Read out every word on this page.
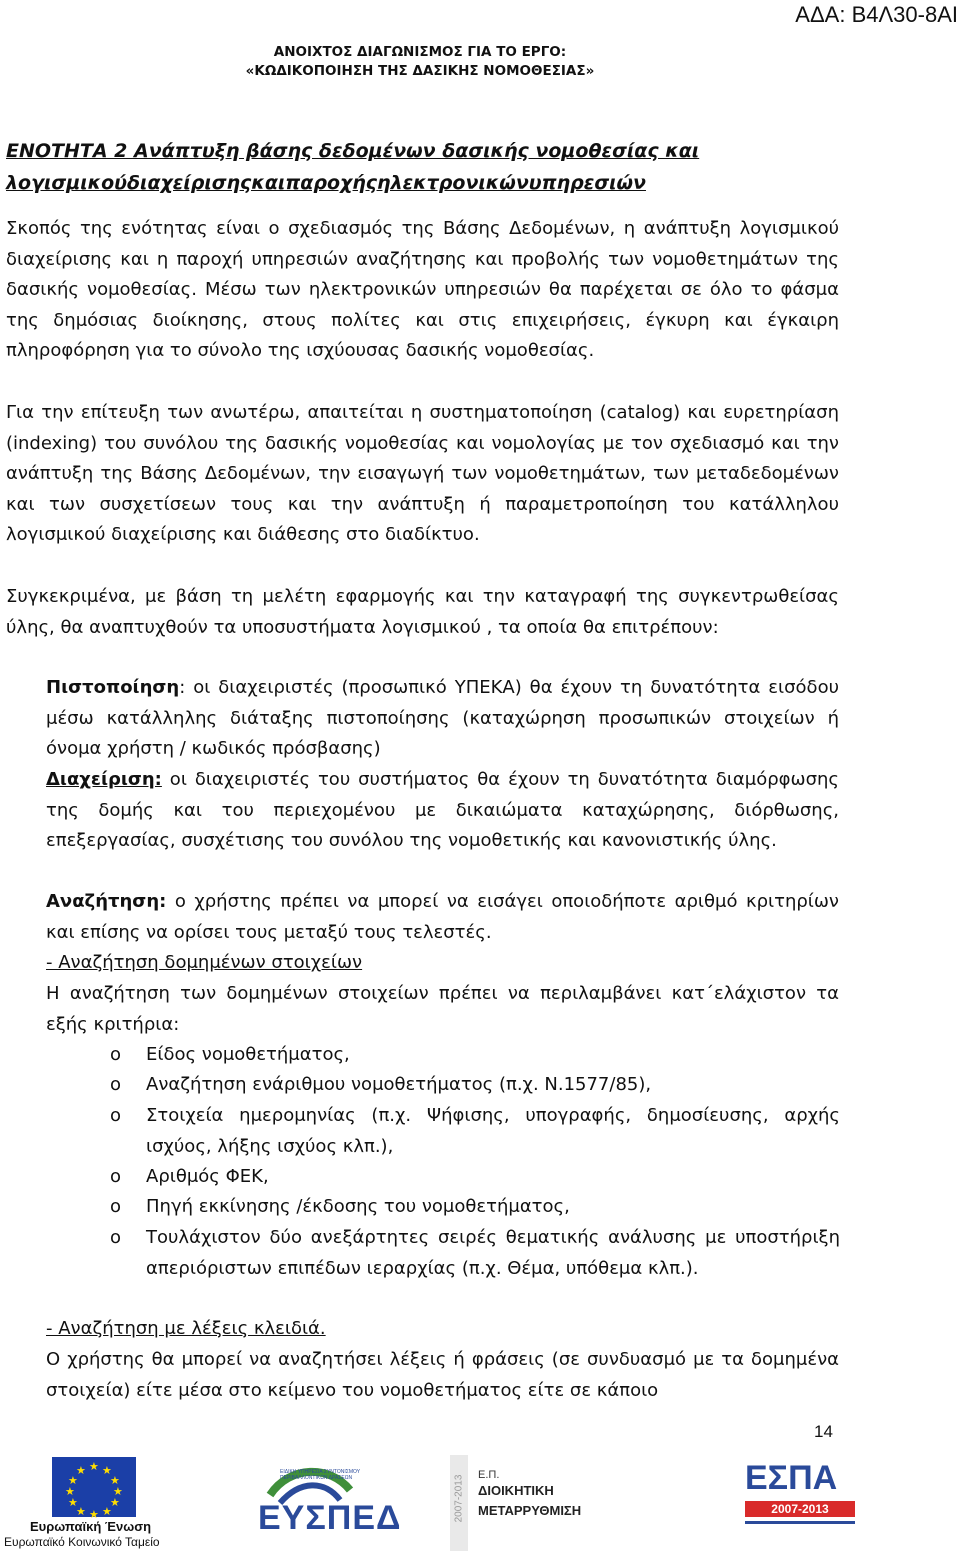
ΑΔΑ: Β4Λ30-8ΑΙ
ΑΝΟΙΧΤΟΣ ΔΙΑΓΩΝΙΣΜΟΣ ΓΙΑ ΤΟ ΕΡΓΟ:
«ΚΩΔΙΚΟΠΟΙΗΣΗ ΤΗΣ ΔΑΣΙΚΗΣ ΝΟΜΟΘΕΣΙΑΣ»
ΕΝΟΤΗΤΑ 2 Ανάπτυξη βάσης δεδομένων δασικής νομοθεσίας και
λογισμικούδιαχείρισηςκαιπαροχήςηλεκτρονικώνυπηρεσιών

Σκοπός της ενότητας είναι ο σχεδιασμός της Βάσης Δεδομένων, η ανάπτυξη λογισμικού διαχείρισης και η παροχή υπηρεσιών αναζήτησης και προβολής των νομοθετημάτων της δασικής νομοθεσίας. Μέσω των ηλεκτρονικών υπηρεσιών θα παρέχεται σε όλο το φάσμα της δημόσιας διοίκησης, στους πολίτες και στις επιχειρήσεις, έγκυρη και έγκαιρη πληροφόρηση για το σύνολο της ισχύουσας δασικής νομοθεσίας.

Για την επίτευξη των ανωτέρω, απαιτείται η συστηματοποίηση (catalog) και ευρετηρίαση (indexing) του συνόλου της δασικής νομοθεσίας και νομολογίας με τον σχεδιασμό και την ανάπτυξη της Βάσης Δεδομένων, την εισαγωγή των νομοθετημάτων, των μεταδεδομένων και των συσχετίσεων τους και την ανάπτυξη ή παραμετροποίηση του κατάλληλου λογισμικού διαχείρισης και διάθεσης στο διαδίκτυο.

Συγκεκριμένα, με βάση τη μελέτη εφαρμογής και την καταγραφή της συγκεντρωθείσας ύλης, θα αναπτυχθούν τα υποσυστήματα λογισμικού , τα οποία θα επιτρέπουν:

Πιστοποίηση: οι διαχειριστές (προσωπικό ΥΠΕΚΑ) θα έχουν τη δυνατότητα εισόδου μέσω κατάλληλης διάταξης πιστοποίησης (καταχώρηση προσωπικών στοιχείων ή όνομα χρήστη / κωδικός πρόσβασης)

Διαχείριση: οι διαχειριστές του συστήματος θα έχουν τη δυνατότητα διαμόρφωσης της δομής και του περιεχομένου με δικαιώματα καταχώρησης, διόρθωσης, επεξεργασίας, συσχέτισης του συνόλου της νομοθετικής και κανονιστικής ύλης.

Αναζήτηση: ο χρήστης πρέπει να μπορεί να εισάγει οποιοδήποτε αριθμό κριτηρίων και επίσης να ορίσει τους μεταξύ τους τελεστές.

- Αναζήτηση δομημένων στοιχείων

Η αναζήτηση των δομημένων στοιχείων πρέπει να περιλαμβάνει κατ΄ελάχιστον τα εξής κριτήρια:

o Είδος νομοθετήματος,

o Αναζήτηση ενάριθμου νομοθετήματος (π.χ. Ν.1577/85),

o Στοιχεία ημερομηνίας (π.χ. Ψήφισης, υπογραφής, δημοσίευσης, αρχής ισχύος, λήξης ισχύος κλπ.),

o Αριθμός ΦΕΚ,

o Πηγή εκκίνησης /έκδοσης του νομοθετήματος,

o Τουλάχιστον δύο ανεξάρτητες σειρές θεματικής ανάλυσης με υποστήριξη απεριόριστων επιπέδων ιεραρχίας (π.χ. Θέμα, υπόθεμα κλπ.).

- Αναζήτηση με λέξεις κλειδιά.

Ο χρήστης θα μπορεί να αναζητήσει λέξεις ή φράσεις (σε συνδυασμό με τα δομημένα στοιχεία) είτε μέσα στο κείμενο του νομοθετήματος είτε σε κάποιο

14
★ ★
★
★
★
★
★
★
★
★
★
★
Ευρωπαϊκή Ένωση
Ευρωπαϊκό Κοινωνικό Ταμείο
ΕΙΔΙΚΗ ΥΠΗΡΕΣΙΑ ΣΥΝΤΟΝΙΣΜΟΥ ΠΕΡΙΒΑΛΛΟΝΤΙΚΩΝ ΔΡΑΣΕΩΝ
ΕΥΣΠΕΔ	2007-2013 Ε.Π.
ΔΙΟΙΚΗΤΙΚΗ
ΜΕΤΑΡΡΥΘΜΙΣΗ
ΕΣΠΑ
2007-2013
